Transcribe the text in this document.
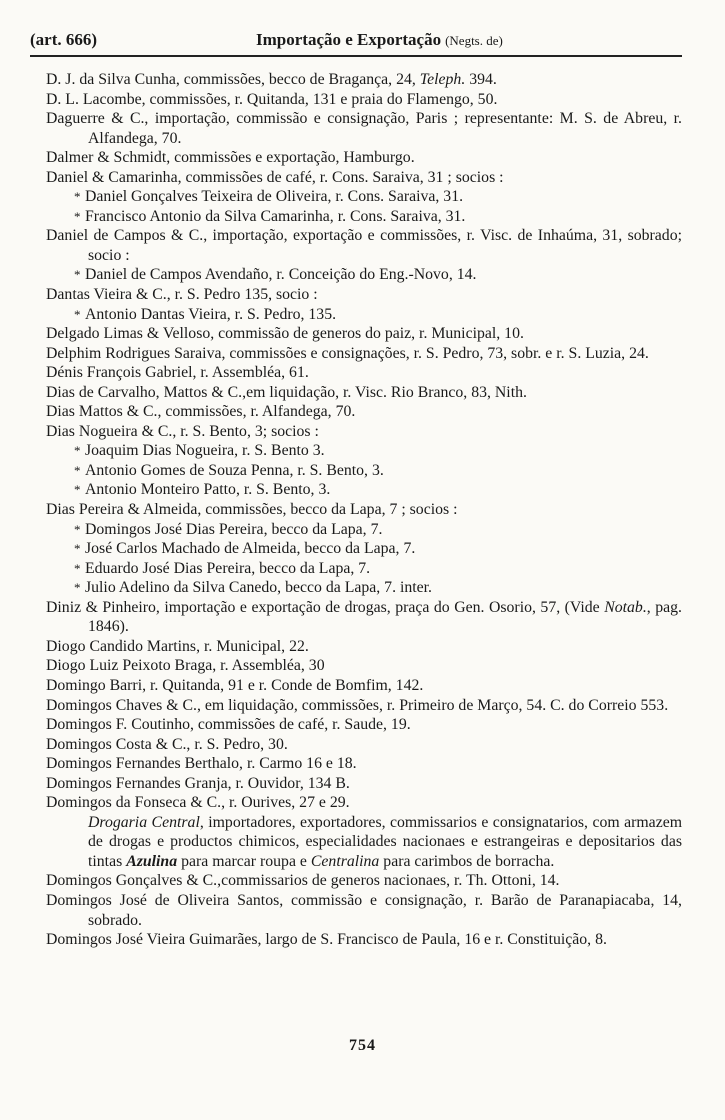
(art. 666)	Importação e Exportação (Negts. de)

D. J. da Silva Cunha, commissões, becco de Bragança, 24, Teleph. 394.

D. L. Lacombe, commissões, r. Quitanda, 131 e praia do Flamengo, 50.

Daguerre & C., importação, commissão e consignação, Paris ; representante: M. S. de Abreu, r. Alfandega, 70.

Dalmer & Schmidt, commissões e exportação, Hamburgo.

Daniel & Camarinha, commissões de café, r. Cons. Saraiva, 31 ; socios :

* Daniel Gonçalves Teixeira de Oliveira, r. Cons. Saraiva, 31.

* Francisco Antonio da Silva Camarinha, r. Cons. Saraiva, 31.

Daniel de Campos & C., importação, exportação e commissões, r. Visc. de Inhaúma, 31, sobrado; socio :

* Daniel de Campos Avendaño, r. Conceição do Eng.-Novo, 14.

Dantas Vieira & C., r. S. Pedro 135, socio :

* Antonio Dantas Vieira, r. S. Pedro, 135.

Delgado Limas & Velloso, commissão de generos do paiz, r. Municipal, 10.

Delphim Rodrigues Saraiva, commissões e consignações, r. S. Pedro, 73, sobr. e r. S. Luzia, 24.

Dénis François Gabriel, r. Assembléa, 61.

Dias de Carvalho, Mattos & C.,em liquidação, r. Visc. Rio Branco, 83, Nith.

Dias Mattos & C., commissões, r. Alfandega, 70.

Dias Nogueira & C., r. S. Bento, 3; socios :

* Joaquim Dias Nogueira, r. S. Bento 3.

* Antonio Gomes de Souza Penna, r. S. Bento, 3.

* Antonio Monteiro Patto, r. S. Bento, 3.

Dias Pereira & Almeida, commissões, becco da Lapa, 7 ; socios :

* Domingos José Dias Pereira, becco da Lapa, 7.

* José Carlos Machado de Almeida, becco da Lapa, 7.

* Eduardo José Dias Pereira, becco da Lapa, 7.

* Julio Adelino da Silva Canedo, becco da Lapa, 7. inter.

Diniz & Pinheiro, importação e exportação de drogas, praça do Gen. Osorio, 57, (Vide Notab., pag. 1846).

Diogo Candido Martins, r. Municipal, 22.

Diogo Luiz Peixoto Braga, r. Assembléa, 30

Domingo Barri, r. Quitanda, 91 e r. Conde de Bomfim, 142.

Domingos Chaves & C., em liquidação, commissões, r. Primeiro de Março, 54. C. do Correio 553.

Domingos F. Coutinho, commissões de café, r. Saude, 19.

Domingos Costa & C., r. S. Pedro, 30.

Domingos Fernandes Berthalo, r. Carmo 16 e 18.

Domingos Fernandes Granja, r. Ouvidor, 134 B.

Domingos da Fonseca & C., r. Ourives, 27 e 29.

Drogaria Central, importadores, exportadores, commissarios e consignatarios, com armazem de drogas e productos chimicos, especialidades nacionaes e estrangeiras e depositarios das tintas Azulina para marcar roupa e Centralina para carimbos de borracha.

Domingos Gonçalves & C.,commissarios de generos nacionaes, r. Th. Ottoni, 14.

Domingos José de Oliveira Santos, commissão e consignação, r. Barão de Paranapiacaba, 14, sobrado.

Domingos José Vieira Guimarães, largo de S. Francisco de Paula, 16 e r. Constituição, 8.

754
